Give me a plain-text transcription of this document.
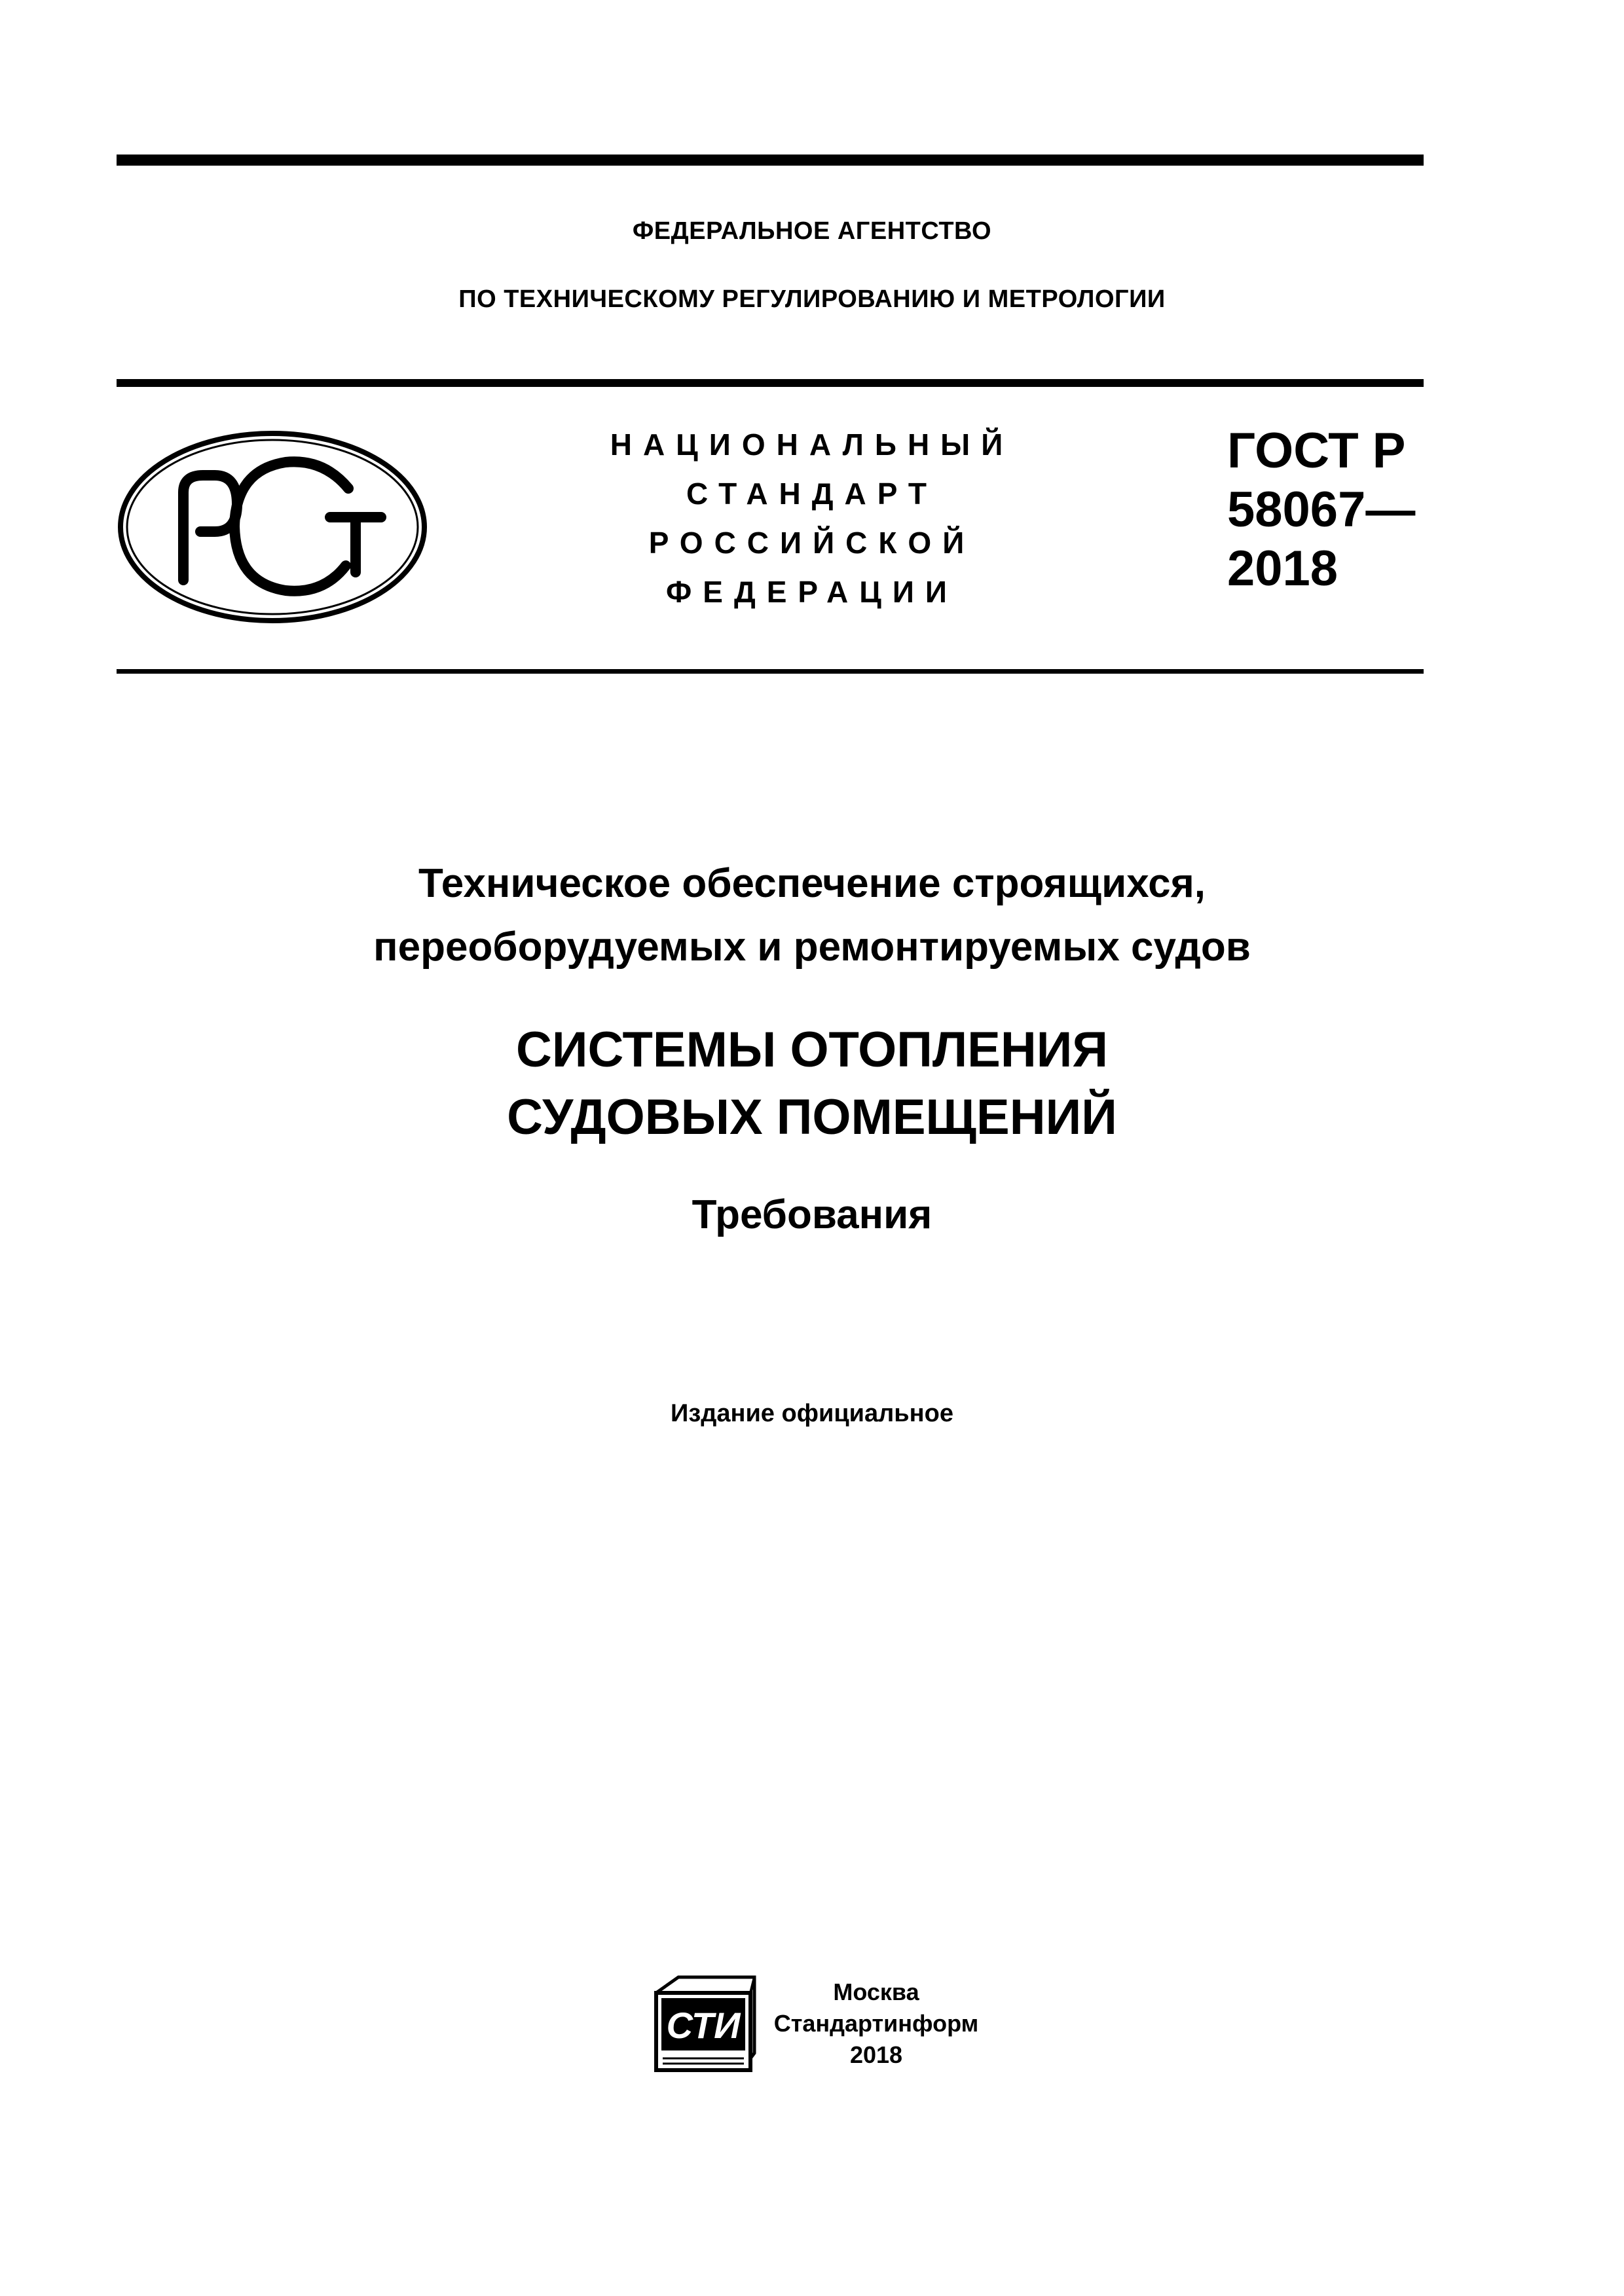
ФЕДЕРАЛЬНОЕ АГЕНТСТВО
ПО ТЕХНИЧЕСКОМУ РЕГУЛИРОВАНИЮ И МЕТРОЛОГИИ
НАЦИОНАЛЬНЫЙ
СТАНДАРТ
РОССИЙСКОЙ
ФЕДЕРАЦИИ
ГОСТ Р
58067—
2018
Техническое обеспечение строящихся,
переоборудуемых и ремонтируемых судов
СИСТЕМЫ ОТОПЛЕНИЯ
СУДОВЫХ ПОМЕЩЕНИЙ
Требования
Издание официальное
СТИ
Москва
Стандартинформ
2018
